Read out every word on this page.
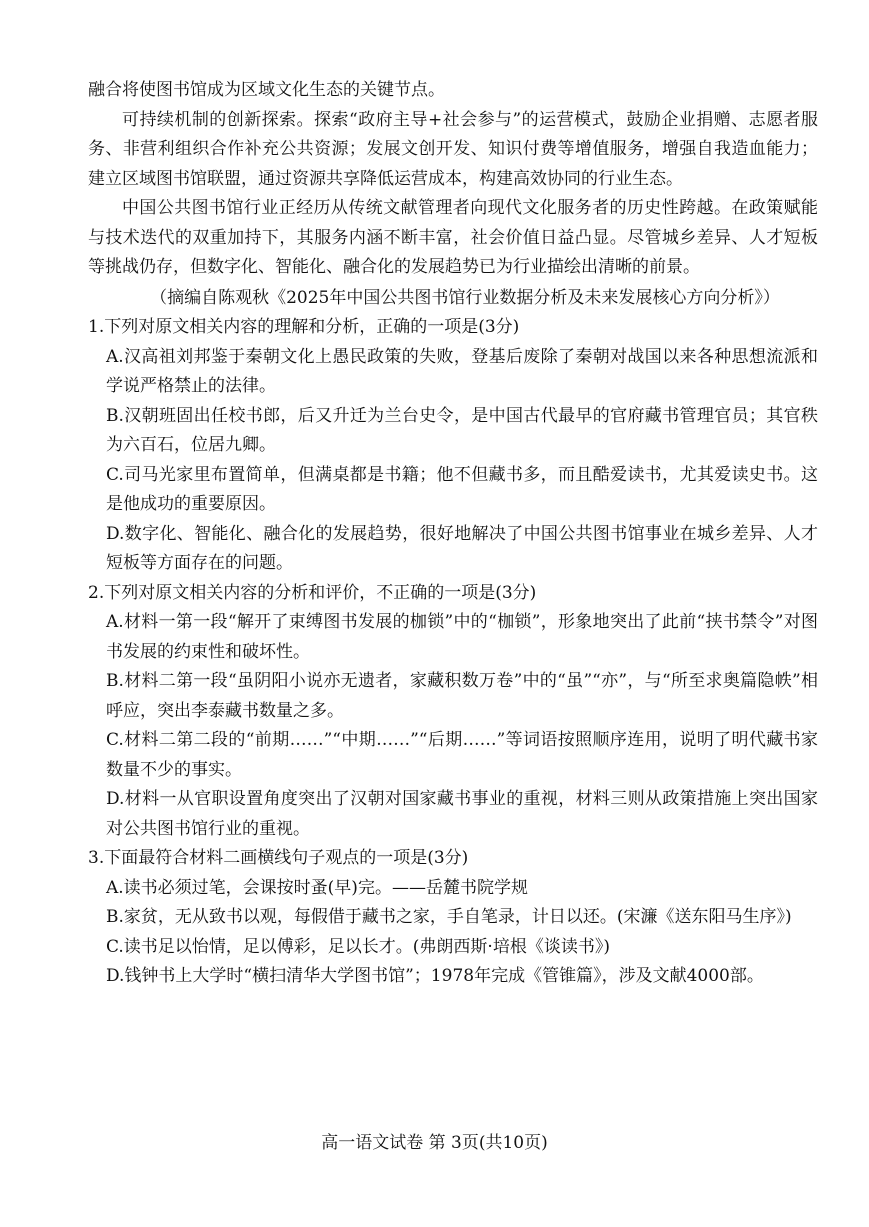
融合将使图书馆成为区域文化生态的关键节点。

可持续机制的创新探索。探索“政府主导+社会参与”的运营模式，鼓励企业捐赠、志愿者服务、非营利组织合作补充公共资源；发展文创开发、知识付费等增值服务，增强自我造血能力；建立区域图书馆联盟，通过资源共享降低运营成本，构建高效协同的行业生态。

中国公共图书馆行业正经历从传统文献管理者向现代文化服务者的历史性跨越。在政策赋能与技术迭代的双重加持下，其服务内涵不断丰富，社会价值日益凸显。尽管城乡差异、人才短板等挑战仍存，但数字化、智能化、融合化的发展趋势已为行业描绘出清晰的前景。

（摘编自陈观秋《2025年中国公共图书馆行业数据分析及未来发展核心方向分析》）

1.下列对原文相关内容的理解和分析，正确的一项是(3分)

A.汉高祖刘邦鉴于秦朝文化上愚民政策的失败，登基后废除了秦朝对战国以来各种思想流派和学说严格禁止的法律。

B.汉朝班固出任校书郎，后又升迁为兰台史令，是中国古代最早的官府藏书管理官员；其官秩为六百石，位居九卿。

C.司马光家里布置简单，但满桌都是书籍；他不但藏书多，而且酷爱读书，尤其爱读史书。这是他成功的重要原因。

D.数字化、智能化、融合化的发展趋势，很好地解决了中国公共图书馆事业在城乡差异、人才短板等方面存在的问题。

2.下列对原文相关内容的分析和评价，不正确的一项是(3分)

A.材料一第一段“解开了束缚图书发展的枷锁”中的“枷锁”，形象地突出了此前“挟书禁令”对图书发展的约束性和破坏性。

B.材料二第一段“虽阴阳小说亦无遗者，家藏积数万卷”中的“虽”“亦”，与“所至求奥篇隐帙”相呼应，突出李泰藏书数量之多。

C.材料二第二段的“前期……”“中期……”“后期……”等词语按照顺序连用，说明了明代藏书家数量不少的事实。

D.材料一从官职设置角度突出了汉朝对国家藏书事业的重视，材料三则从政策措施上突出国家对公共图书馆行业的重视。

3.下面最符合材料二画横线句子观点的一项是(3分)

A.读书必须过笔，会课按时蚤(早)完。——岳麓书院学规

B.家贫，无从致书以观，每假借于藏书之家，手自笔录，计日以还。(宋濂《送东阳马生序》)

C.读书足以怡情，足以傅彩，足以长才。(弗朗西斯·培根《谈读书》)

D.钱钟书上大学时“横扫清华大学图书馆”；1978年完成《管锥篇》，涉及文献4000部。

高一语文试卷 第 3页(共10页)
